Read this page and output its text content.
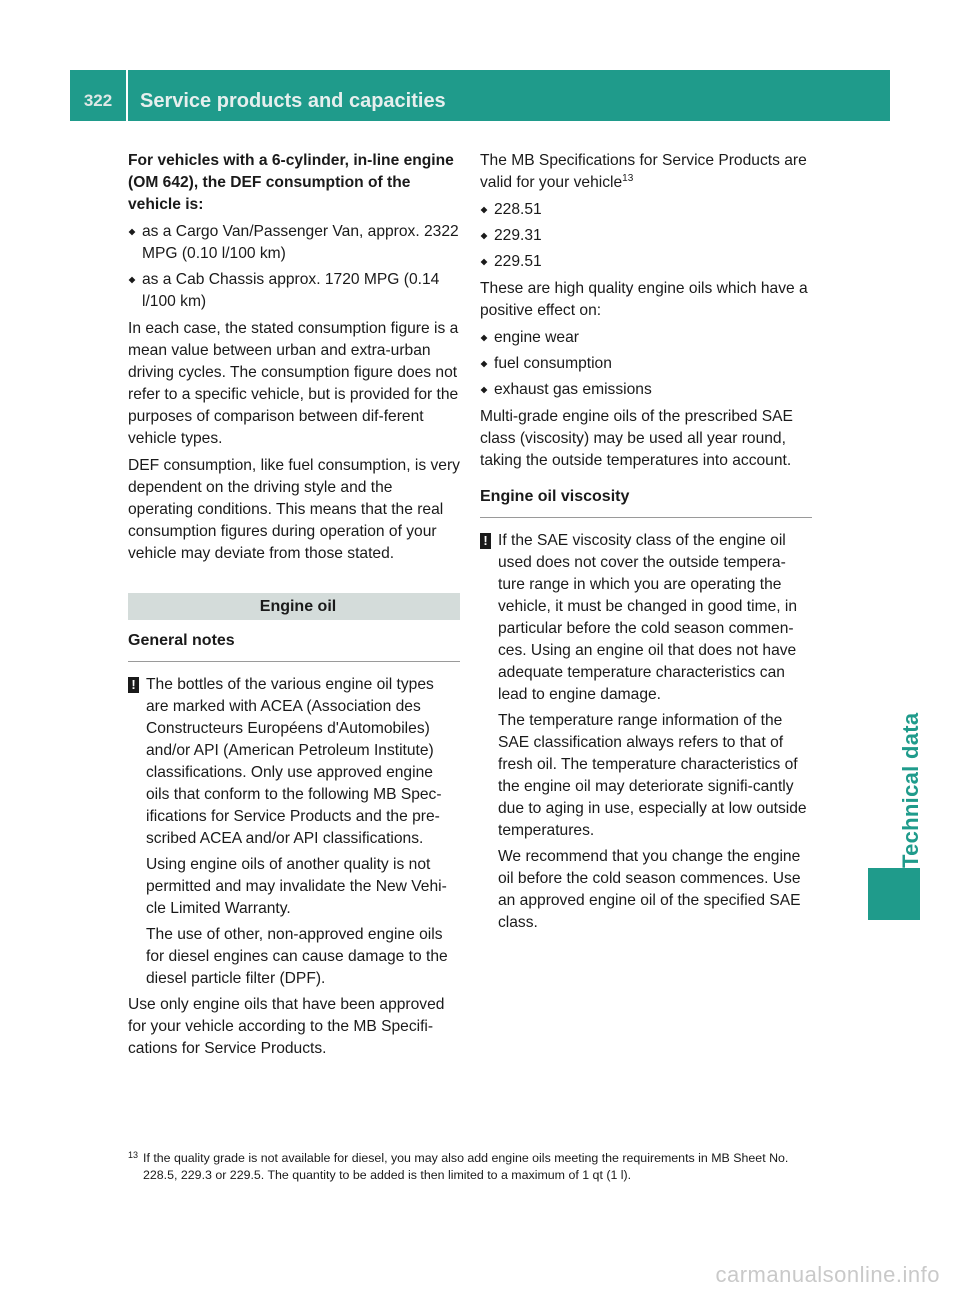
322	Service products and capacities
Technical data

For vehicles with a 6-cylinder, in-line engine (OM 642), the DEF consumption of the vehicle is:

as a Cargo Van/Passenger Van, approx. 2322 MPG (0.10 l/100 km)
as a Cab Chassis approx. 1720 MPG (0.14 l/100 km)

In each case, the stated consumption figure is a mean value between urban and extra-urban driving cycles. The consumption figure does not refer to a specific vehicle, but is provided for the purposes of comparison between dif-ferent vehicle types.

DEF consumption, like fuel consumption, is very dependent on the driving style and the operating conditions. This means that the real consumption figures during operation of your vehicle may deviate from those stated.

Engine oil
General notes
! The bottles of the various engine oil types are marked with ACEA (Association des Constructeurs Européens d'Automobiles) and/or API (American Petroleum Institute) classifications. Only use approved engine oils that conform to the following MB Spec-ifications for Service Products and the pre-scribed ACEA and/or API classifications.

Using engine oils of another quality is not permitted and may invalidate the New Vehi-cle Limited Warranty.

The use of other, non-approved engine oils for diesel engines can cause damage to the diesel particle filter (DPF).

Use only engine oils that have been approved for your vehicle according to the MB Specifi-cations for Service Products.

The MB Specifications for Service Products are valid for your vehicle$^{13}$

228.51
229.31
229.51

These are high quality engine oils which have a positive effect on:

engine wear
fuel consumption
exhaust gas emissions

Multi-grade engine oils of the prescribed SAE class (viscosity) may be used all year round, taking the outside temperatures into account.

Engine oil viscosity
! If the SAE viscosity class of the engine oil used does not cover the outside tempera-ture range in which you are operating the vehicle, it must be changed in good time, in particular before the cold season commen-ces. Using an engine oil that does not have adequate temperature characteristics can lead to engine damage.

The temperature range information of the SAE classification always refers to that of fresh oil. The temperature characteristics of the engine oil may deteriorate signifi-cantly due to aging in use, especially at low outside temperatures.

We recommend that you change the engine oil before the cold season commences. Use an approved engine oil of the specified SAE class.

13 If the quality grade is not available for diesel, you may also add engine oils meeting the requirements in MB Sheet No. 228.5, 229.3 or 229.5. The quantity to be added is then limited to a maximum of 1 qt (1 l).
carmanualsonline.info
